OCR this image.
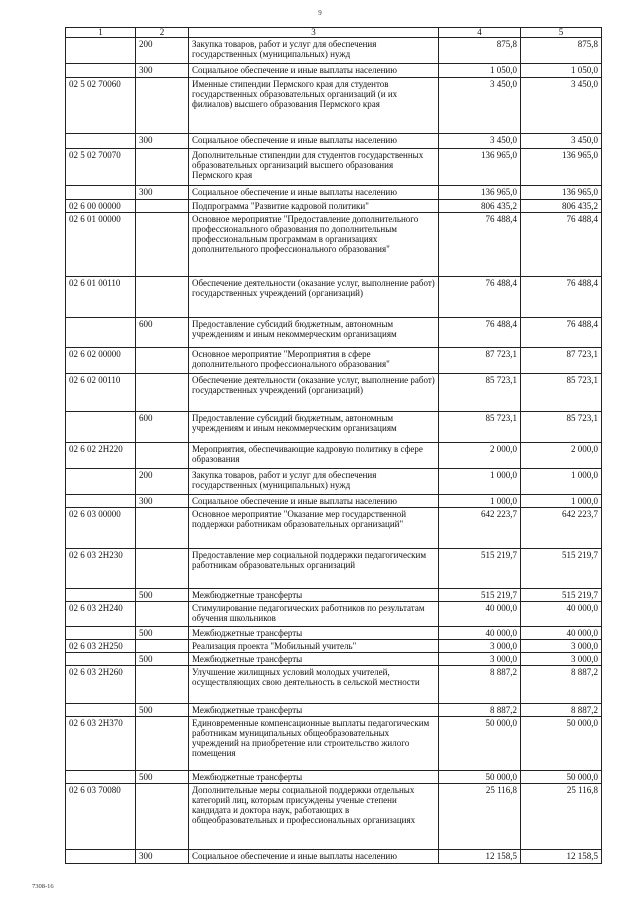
9
1	2	3	4	5
	200	Закупка товаров, работ и услуг для обеспечения государственных (муниципальных) нужд	875,8	875,8
	300	Социальное обеспечение и иные выплаты населению	1 050,0	1 050,0
02 5 02 70060		Именные стипендии Пермского края для студентов государственных образовательных организаций (и их филиалов) высшего образования Пермского края	3 450,0	3 450,0
	300	Социальное обеспечение и иные выплаты населению	3 450,0	3 450,0
02 5 02 70070		Дополнительные стипендии для студентов государственных образовательных организаций высшего образования Пермского края	136 965,0	136 965,0
	300	Социальное обеспечение и иные выплаты населению	136 965,0	136 965,0
02 6 00 00000		Подпрограмма "Развитие кадровой политики"	806 435,2	806 435,2
02 6 01 00000		Основное мероприятие "Предоставление дополнительного профессионального образования по дополнительным профессиональным программам в организациях дополнительного профессионального образования"	76 488,4	76 488,4
02 6 01 00110		Обеспечение деятельности (оказание услуг, выполнение работ) государственных учреждений (организаций)	76 488,4	76 488,4
	600	Предоставление субсидий бюджетным, автономным учреждениям и иным некоммерческим организациям	76 488,4	76 488,4
02 6 02 00000		Основное мероприятие "Мероприятия в сфере дополнительного профессионального образования"	87 723,1	87 723,1
02 6 02 00110		Обеспечение деятельности (оказание услуг, выполнение работ) государственных учреждений (организаций)	85 723,1	85 723,1
	600	Предоставление субсидий бюджетным, автономным учреждениям и иным некоммерческим организациям	85 723,1	85 723,1
02 6 02 2Н220		Мероприятия, обеспечивающие кадровую политику в сфере образования	2 000,0	2 000,0
	200	Закупка товаров, работ и услуг для обеспечения государственных (муниципальных) нужд	1 000,0	1 000,0
	300	Социальное обеспечение и иные выплаты населению	1 000,0	1 000,0
02 6 03 00000		Основное мероприятие "Оказание мер государственной поддержки работникам образовательных организаций"	642 223,7	642 223,7
02 6 03 2Н230		Предоставление мер социальной поддержки педагогическим работникам образовательных организаций	515 219,7	515 219,7
	500	Межбюджетные трансферты	515 219,7	515 219,7
02 6 03 2Н240		Стимулирование педагогических работников по результатам обучения школьников	40 000,0	40 000,0
	500	Межбюджетные трансферты	40 000,0	40 000,0
02 6 03 2Н250		Реализация проекта "Мобильный учитель"	3 000,0	3 000,0
	500	Межбюджетные трансферты	3 000,0	3 000,0
02 6 03 2Н260		Улучшение жилищных условий молодых учителей, осуществляющих свою деятельность в сельской местности	8 887,2	8 887,2
	500	Межбюджетные трансферты	8 887,2	8 887,2
02 6 03 2Н370		Единовременные компенсационные выплаты педагогическим работникам муниципальных общеобразовательных учреждений на приобретение или строительство жилого помещения	50 000,0	50 000,0
	500	Межбюджетные трансферты	50 000,0	50 000,0
02 6 03 70080		Дополнительные меры социальной поддержки отдельных категорий лиц, которым присуждены ученые степени кандидата и доктора наук, работающих в общеобразовательных и профессиональных организациях	25 116,8	25 116,8
	300	Социальное обеспечение и иные выплаты населению	12 158,5	12 158,5
7308-16
